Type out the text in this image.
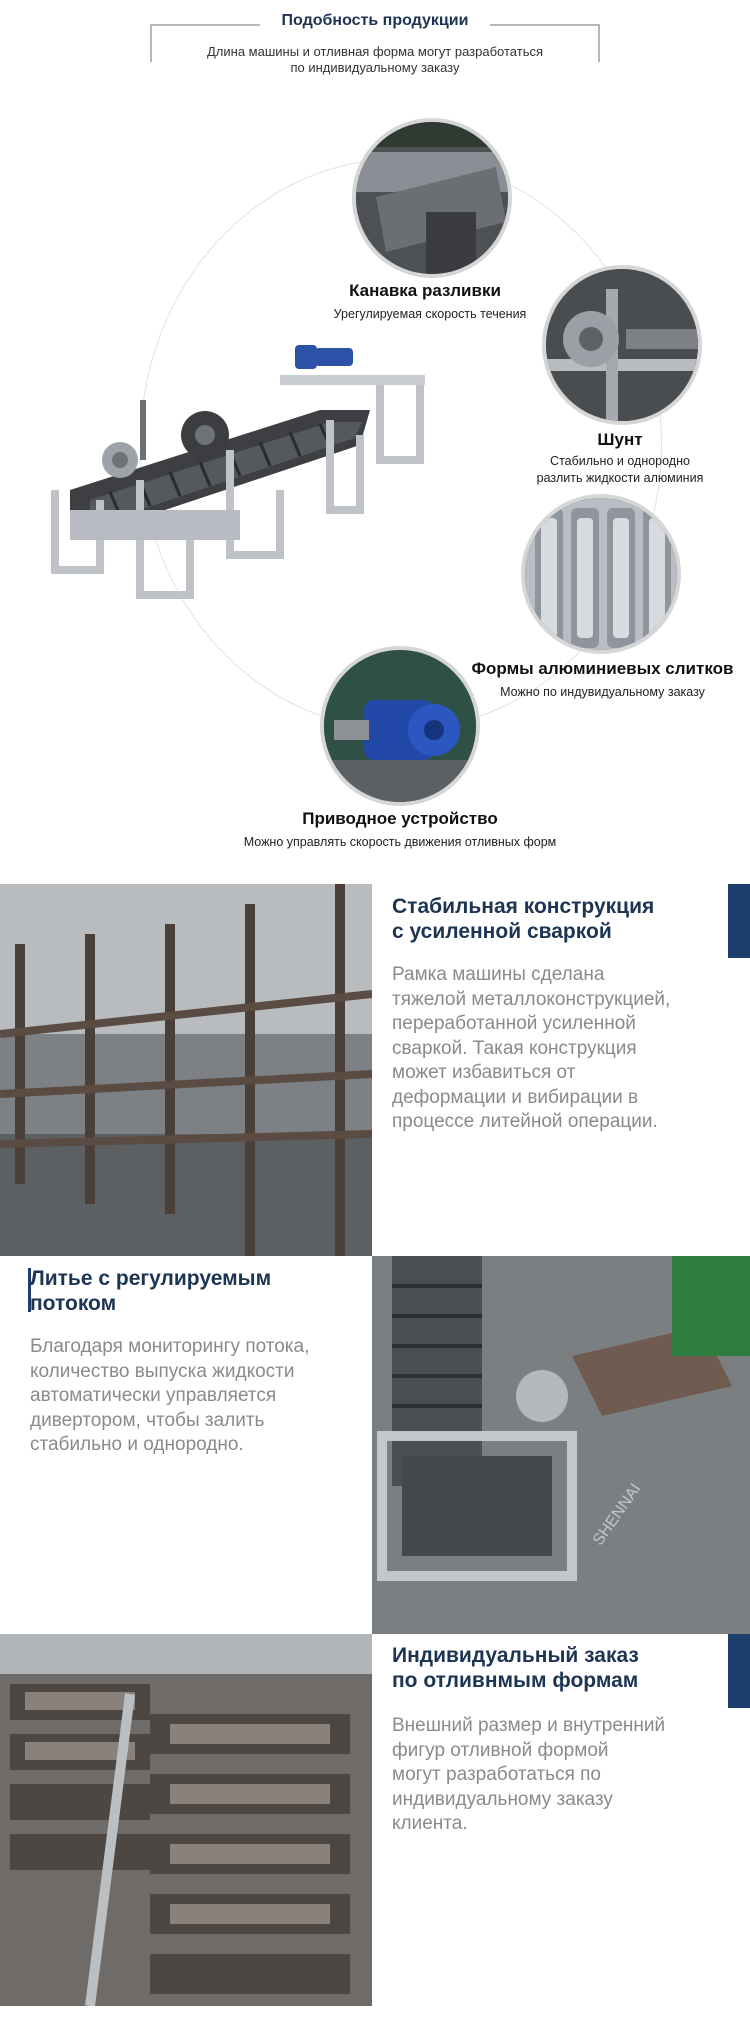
Подобность продукции
Длина машины и отливная форма могут разработаться
по индивидуальному заказу
Канавка разливки
Урегулируемая скорость течения
Шунт
Стабильно и однородно
разлить жидкости алюминия
Формы алюминиевых слитков
Можно по индувидуальному заказу
Приводное устройство
Можно управлять скорость движения отливных форм
Стабильная конструкция
с усиленной сваркой
Рамка машины сделана
тяжелой металлоконструкцией,
переработанной усиленной
сваркой. Такая конструкция
может избавиться от
деформации и вибирации в
процессе литейной операции.
Литье с регулируемым
потоком
Благодаря мониторингу потока,
количество выпуска жидкости
автоматически управляется
дивертором, чтобы залить
стабильно и однородно.
SHENNAI
Индивидуальный заказ
по отливнмым формам
Внешний размер и внутренний
фигур отливной формой
могут разработаться по
индивидуальному заказу
клиента.
